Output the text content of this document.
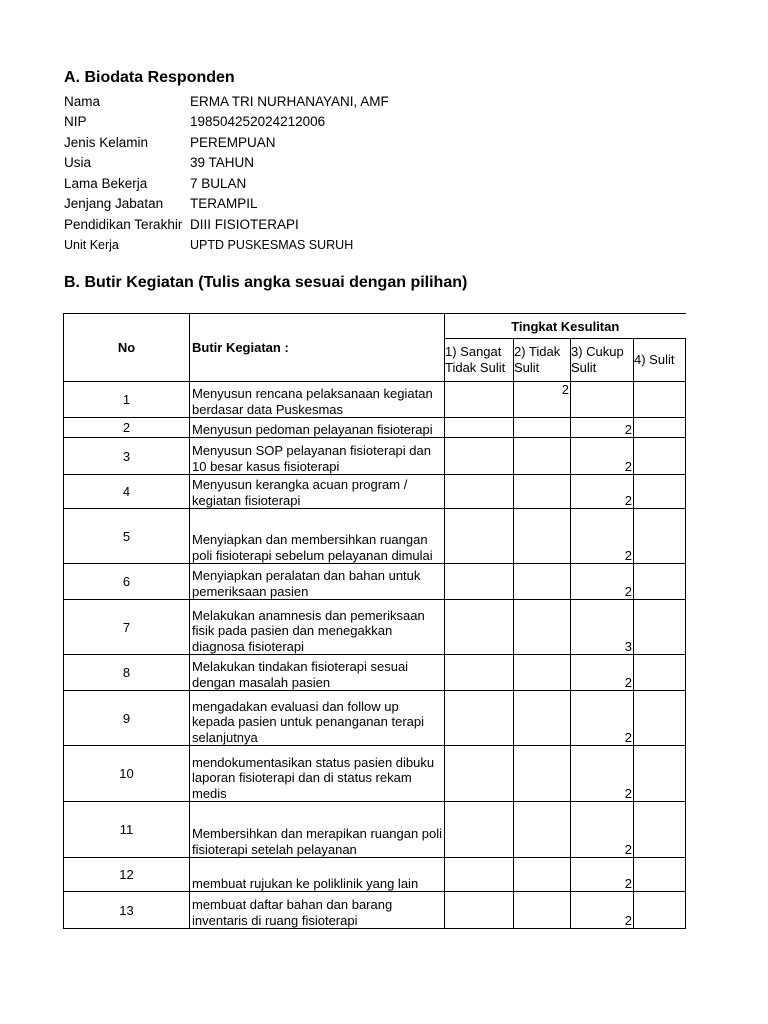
A. Biodata Responden
Nama	ERMA TRI NURHANAYANI, AMF
NIP	198504252024212006
Jenis Kelamin	PEREMPUAN
Usia	39 TAHUN
Lama Bekerja	7 BULAN
Jenjang Jabatan	TERAMPIL
Pendidikan Terakhir	DIII FISIOTERAPI
Unit Kerja	UPTD PUSKESMAS SURUH
B. Butir Kegiatan (Tulis angka sesuai dengan pilihan)
No	Butir Kegiatan :	Tingkat Kesulitan			
		1) Sangat Tidak Sulit	2) Tidak Sulit	3) Cukup Sulit	4) Sulit
1	Menyusun rencana pelaksanaan kegiatan berdasar data Puskesmas		2		
2	Menyusun pedoman pelayanan fisioterapi			2	
3	Menyusun SOP pelayanan fisioterapi dan 10 besar kasus fisioterapi			2	
4	Menyusun kerangka acuan program / kegiatan fisioterapi			2	
5	Menyiapkan dan membersihkan ruangan poli fisioterapi sebelum pelayanan dimulai			2	
6	Menyiapkan peralatan dan bahan untuk pemeriksaan pasien			2	
7	Melakukan anamnesis dan pemeriksaan fisik pada pasien dan menegakkan diagnosa fisioterapi			3	
8	Melakukan tindakan fisioterapi sesuai dengan masalah pasien			2	
9	mengadakan evaluasi dan follow up kepada pasien untuk penanganan terapi selanjutnya			2	
10	mendokumentasikan status pasien dibuku laporan fisioterapi dan di status rekam medis			2	
11	Membersihkan dan merapikan ruangan poli fisioterapi setelah pelayanan			2	
12	membuat rujukan ke poliklinik yang lain			2	
13	membuat daftar bahan dan barang inventaris di ruang fisioterapi			2	
